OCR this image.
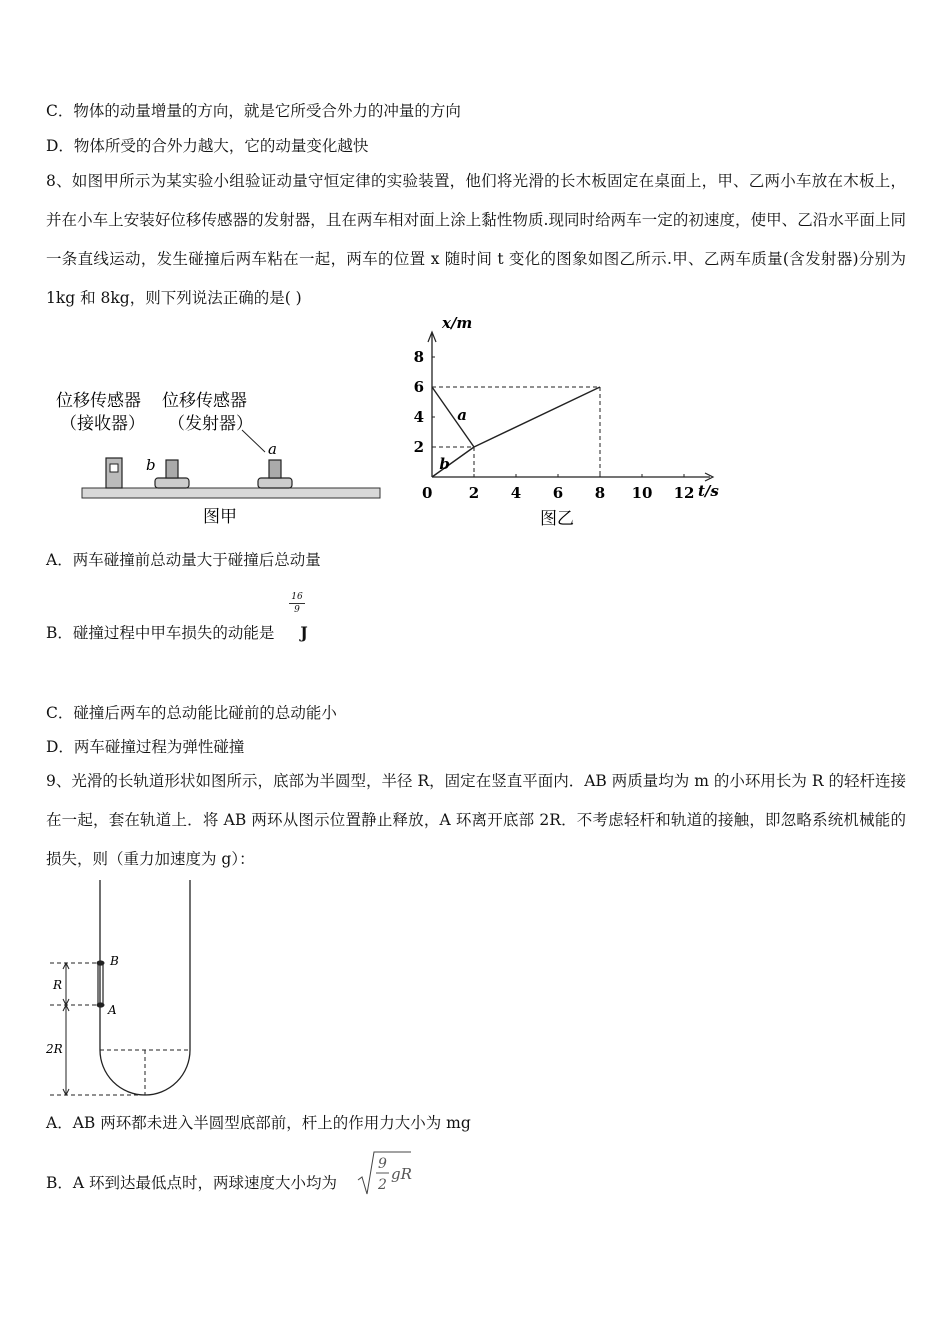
C．物体的动量增量的方向，就是它所受合外力的冲量的方向
D．物体所受的合外力越大，它的动量变化越快
8、如图甲所示为某实验小组验证动量守恒定律的实验装置，他们将光滑的长木板固定在桌面上，甲、乙两小车放在木板上，并在小车上安装好位移传感器的发射器，且在两车相对面上涂上黏性物质.现同时给两车一定的初速度，使甲、乙沿水平面上同一条直线运动，发生碰撞后两车粘在一起，两车的位置 x 随时间 t 变化的图象如图乙所示.甲、乙两车质量(含发射器)分别为 1kg 和 8kg，则下列说法正确的是( )
位移传感器
（接收器）
位移传感器
（发射器）
a
b
图甲
2 4 6 8 10 12
2
4
6
8
a
b
x/m
t/s
0
图乙
A．两车碰撞前总动量大于碰撞后总动量
B．碰撞过程中甲车损失的动能是 J
16
9
C．碰撞后两车的总动能比碰前的总动能小
D．两车碰撞过程为弹性碰撞
9、光滑的长轨道形状如图所示，底部为半圆型，半径 R，固定在竖直平面内．AB 两质量均为 m 的小环用长为 R 的轻杆连接在一起，套在轨道上．将 AB 两环从图示位置静止释放，A 环离开底部 2R．不考虑轻杆和轨道的接触，即忽略系统机械能的损失，则（重力加速度为 g）：
R
2R
B
A
A．AB 两环都未进入半圆型底部前，杆上的作用力大小为 mg
B．A 环到达最低点时，两球速度大小均为
9
2
gR
